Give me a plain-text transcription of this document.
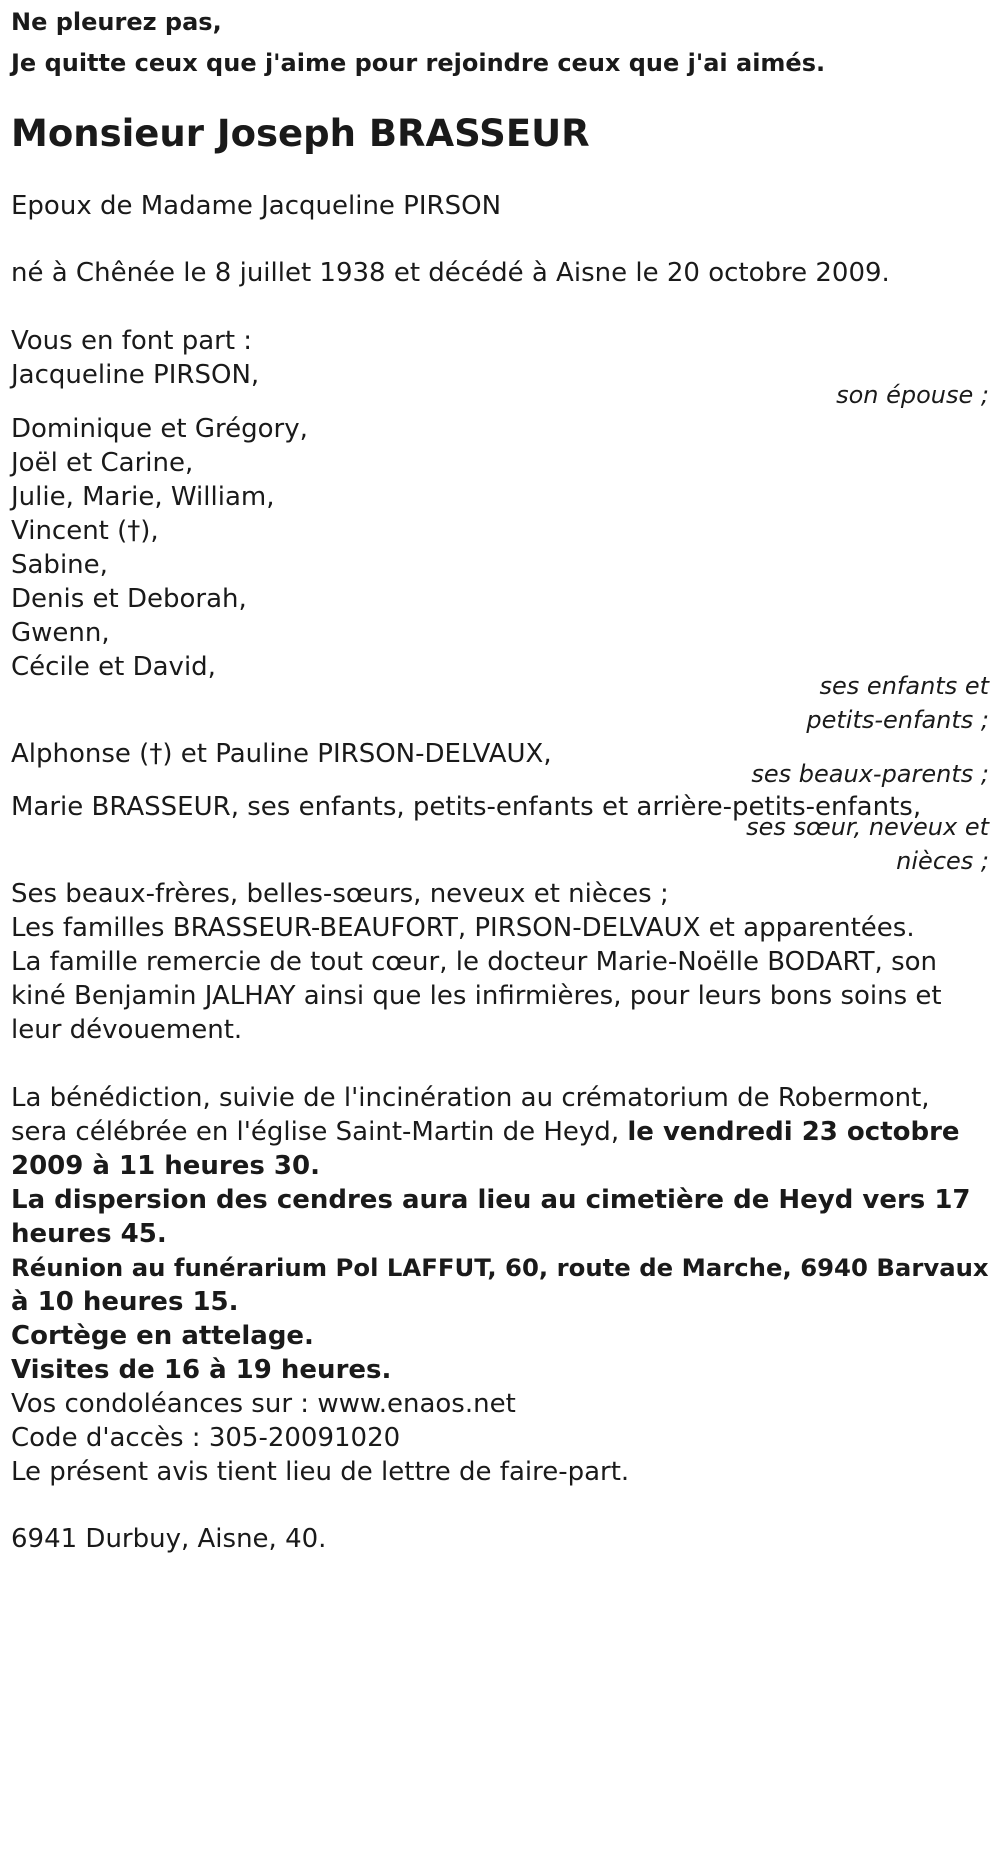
Ne pleurez pas,
Je quitte ceux que j'aime pour rejoindre ceux que j'ai aimés.
Monsieur Joseph BRASSEUR
Epoux de Madame Jacqueline PIRSON
né à Chênée le 8 juillet 1938 et décédé à Aisne le 20 octobre 2009.
Vous en font part :
Jacqueline PIRSON,
son épouse ;
Dominique et Grégory,
Joël et Carine,
Julie, Marie, William,
Vincent (†),
Sabine,
Denis et Deborah,
Gwenn,
Cécile et David,
ses enfants et
petits-enfants ;
Alphonse (†) et Pauline PIRSON-DELVAUX,
ses beaux-parents ;
Marie BRASSEUR, ses enfants, petits-enfants et arrière-petits-enfants,
ses sœur, neveux et
nièces ;
Ses beaux-frères, belles-sœurs, neveux et nièces ;
Les familles BRASSEUR-BEAUFORT, PIRSON-DELVAUX et apparentées.
La famille remercie de tout cœur, le docteur Marie-Noëlle BODART, son
kiné Benjamin JALHAY ainsi que les infirmières, pour leurs bons soins et
leur dévouement.
La bénédiction, suivie de l'incinération au crématorium de Robermont,
sera célébrée en l'église Saint-Martin de Heyd, le vendredi 23 octobre
2009 à 11 heures 30.
La dispersion des cendres aura lieu au cimetière de Heyd vers 17
heures 45.
Réunion au funérarium Pol LAFFUT, 60, route de Marche, 6940 Barvaux
à 10 heures 15.
Cortège en attelage.
Visites de 16 à 19 heures.
Vos condoléances sur : www.enaos.net
Code d'accès : 305-20091020
Le présent avis tient lieu de lettre de faire-part.
6941 Durbuy, Aisne, 40.
